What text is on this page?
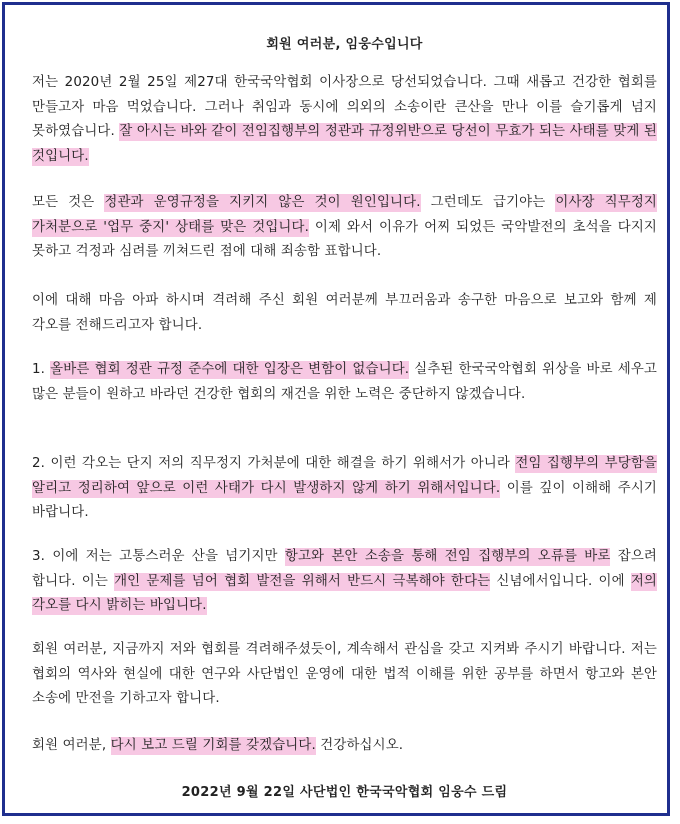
회원 여러분, 임웅수입니다
저는 2020년 2월 25일 제27대 한국국악협회 이사장으로 당선되었습니다. 그때 새롭고 건강한 협회를 만들고자 마음 먹었습니다. 그러나 취임과 동시에 의외의 소송이란 큰산을 만나 이를 슬기롭게 넘지 못하였습니다. 잘 아시는 바와 같이 전임집행부의 정관과 규정위반으로 당선이 무효가 되는 사태를 맞게 된 것입니다.
모든 것은 정관과 운영규정을 지키지 않은 것이 원인입니다. 그런데도 급기야는 이사장 직무정지 가처분으로 '업무 중지' 상태를 맞은 것입니다. 이제 와서 이유가 어찌 되었든 국악발전의 초석을 다지지 못하고 걱정과 심려를 끼쳐드린 점에 대해 죄송함 표합니다.
이에 대해 마음 아파 하시며 격려해 주신 회원 여러분께 부끄러움과 송구한 마음으로 보고와 함께 제 각오를 전해드리고자 합니다.
1. 올바른 협회 정관 규정 준수에 대한 입장은 변함이 없습니다. 실추된 한국국악협회 위상을 바로 세우고 많은 분들이 원하고 바라던 건강한 협회의 재건을 위한 노력은 중단하지 않겠습니다.
2. 이런 각오는 단지 저의 직무정지 가처분에 대한 해결을 하기 위해서가 아니라 전임 집행부의 부당함을 알리고 정리하여 앞으로 이런 사태가 다시 발생하지 않게 하기 위해서입니다. 이를 깊이 이해해 주시기 바랍니다.
3. 이에 저는 고통스러운 산을 넘기지만 항고와 본안 소송을 통해 전임 집행부의 오류를 바로 잡으려 합니다. 이는 개인 문제를 넘어 협회 발전을 위해서 반드시 극복해야 한다는 신념에서입니다. 이에 저의 각오를 다시 밝히는 바입니다.
회원 여러분, 지금까지 저와 협회를 격려해주셨듯이, 계속해서 관심을 갖고 지켜봐 주시기 바랍니다. 저는 협회의 역사와 현실에 대한 연구와 사단법인 운영에 대한 법적 이해를 위한 공부를 하면서 항고와 본안 소송에 만전을 기하고자 합니다.
회원 여러분, 다시 보고 드릴 기회를 갖겠습니다. 건강하십시오.
2022년 9월 22일 사단법인 한국국악협회 임웅수 드림
